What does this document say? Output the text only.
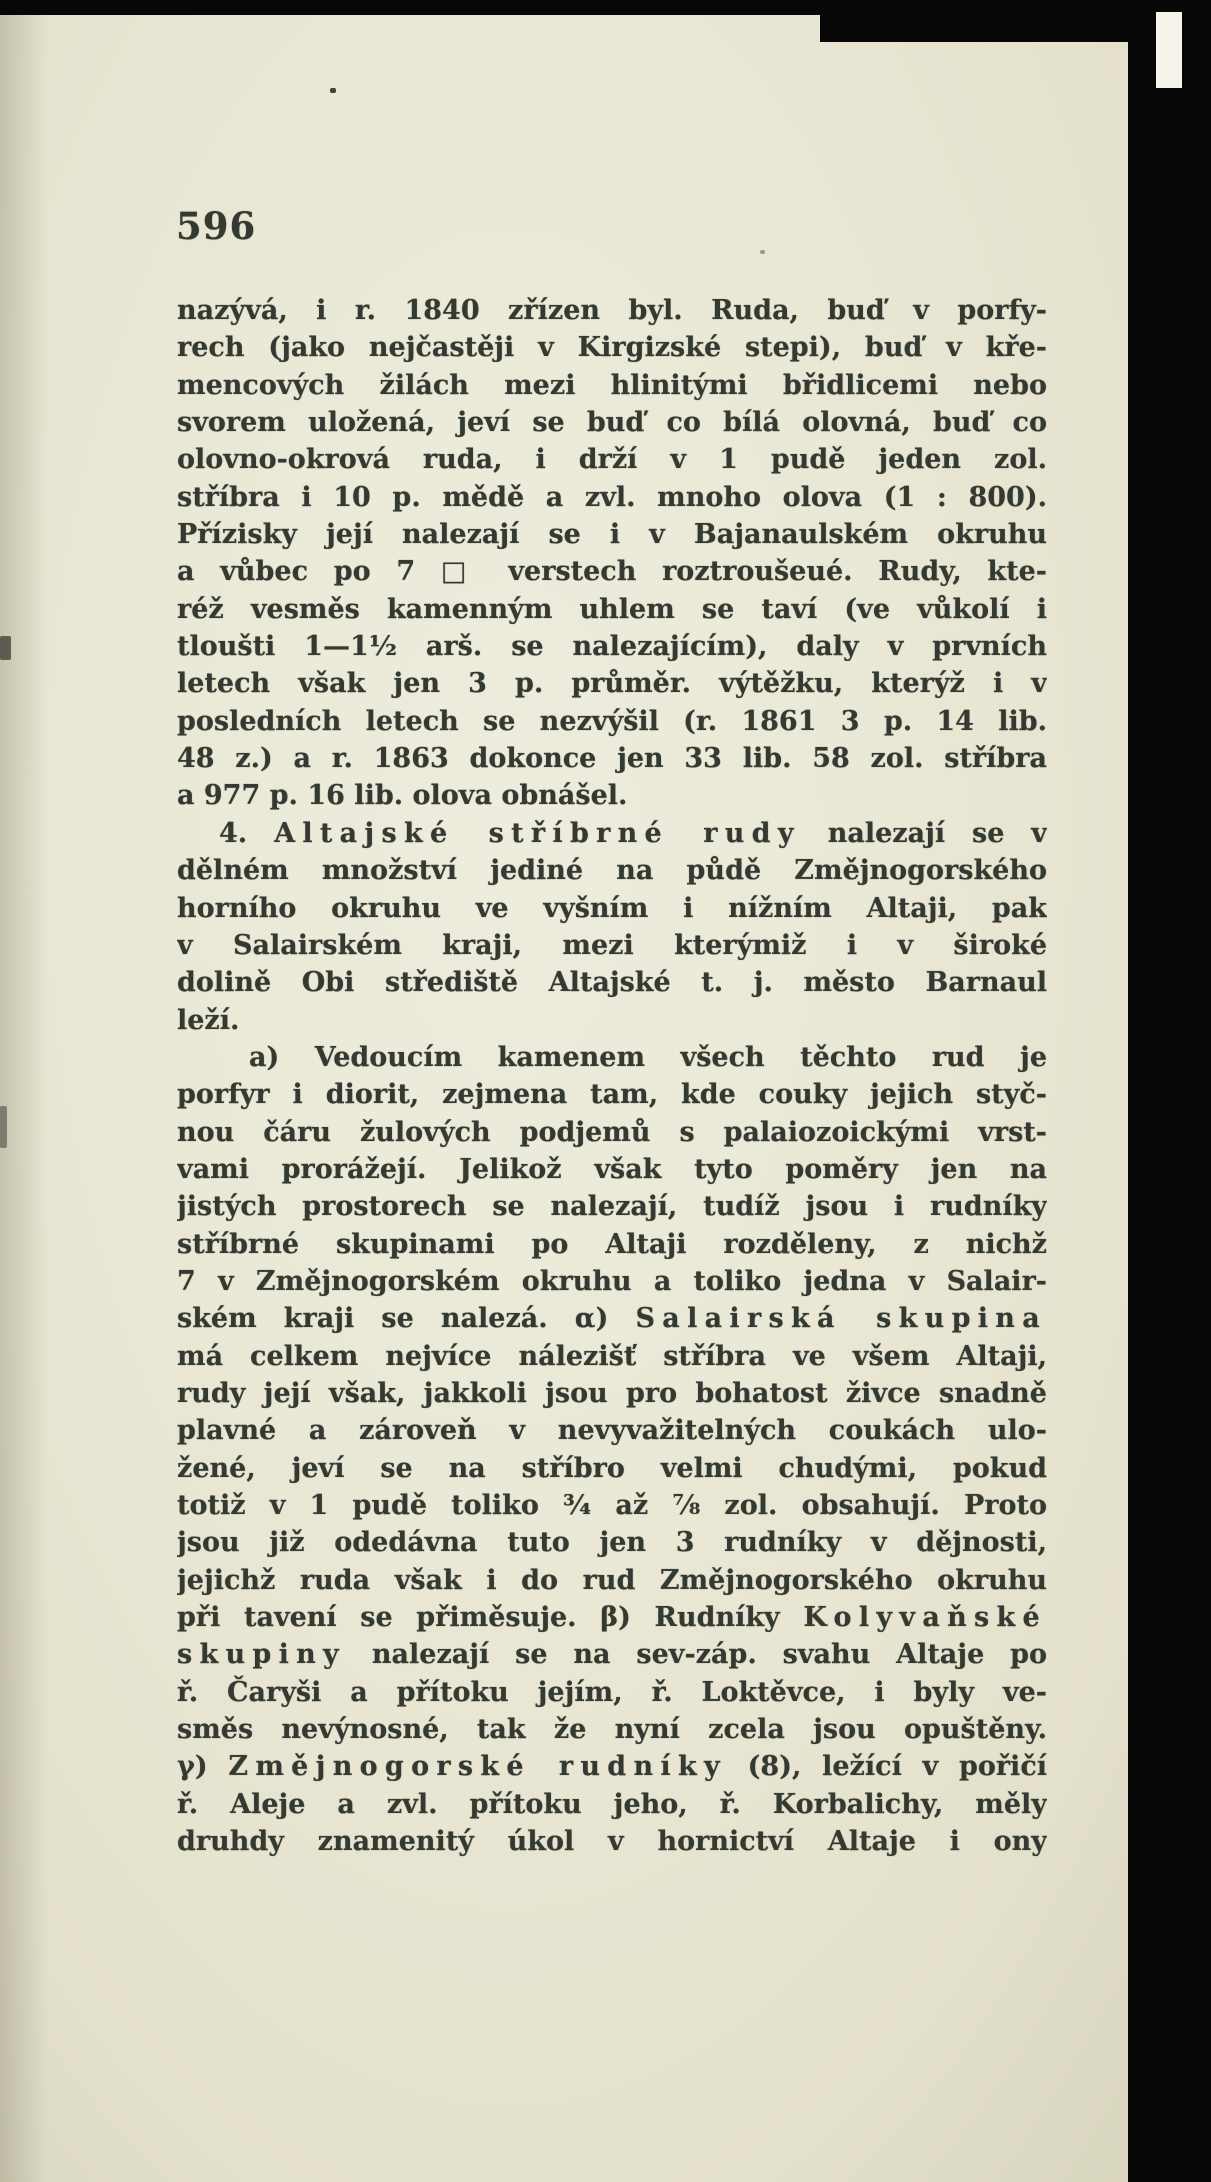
596
nazývá, i r. 1840 zřízen byl. Ruda, buď v porfy-
rech (jako nejčastěji v Kirgizské stepi), buď v kře-
mencových žilách mezi hlinitými břidlicemi nebo
svorem uložená, jeví se buď co bílá olovná, buď co
olovno-okrová ruda, i drží v 1 pudě jeden zol.
stříbra i 10 p. mědě a zvl. mnoho olova (1 : 800).
Přízisky její nalezají se i v Bajanaulském okruhu
a vůbec po 7 □ verstech roztroušeué. Rudy, kte-
réž vesměs kamenným uhlem se taví (ve vůkolí i
tloušti 1—1½ arš. se nalezajícím), daly v prvních
letech však jen 3 p. průměr. výtěžku, kterýž i v
posledních letech se nezvýšil (r. 1861 3 p. 14 lib.
48 z.) a r. 1863 dokonce jen 33 lib. 58 zol. stříbra
a 977 p. 16 lib. olova obnášel.
4. Altajské stříbrné rudy nalezají se v
dělném množství jediné na půdě Změjnogorského
horního okruhu ve vyšním i nížním Altaji, pak
v Salairském kraji, mezi kterýmiž i v široké
dolině Obi střediště Altajské t. j. město Barnaul
leží.
a) Vedoucím kamenem všech těchto rud je
porfyr i diorit, zejmena tam, kde couky jejich styč-
nou čáru žulových podjemů s palaiozoickými vrst-
vami prorážejí. Jelikož však tyto poměry jen na
jistých prostorech se nalezají, tudíž jsou i rudníky
stříbrné skupinami po Altaji rozděleny, z nichž
7 v Změjnogorském okruhu a toliko jedna v Salair-
ském kraji se nalezá. α) Salairská skupina
má celkem nejvíce nálezišť stříbra ve všem Altaji,
rudy její však, jakkoli jsou pro bohatost živce snadně
plavné a zároveň v nevyvažitelných coukách ulo-
žené, jeví se na stříbro velmi chudými, pokud
totiž v 1 pudě toliko ¾ až ⅞ zol. obsahují. Proto
jsou již odedávna tuto jen 3 rudníky v dějnosti,
jejichž ruda však i do rud Změjnogorského okruhu
při tavení se přiměsuje. β) Rudníky Kolyvaňské
skupiny nalezají se na sev-záp. svahu Altaje po
ř. Čaryši a přítoku jejím, ř. Loktěvce, i byly ve-
směs nevýnosné, tak že nyní zcela jsou opuštěny.
γ) Změjnogorské rudníky (8), ležící v pořičí
ř. Aleje a zvl. přítoku jeho, ř. Korbalichy, měly
druhdy znamenitý úkol v hornictví Altaje i ony
